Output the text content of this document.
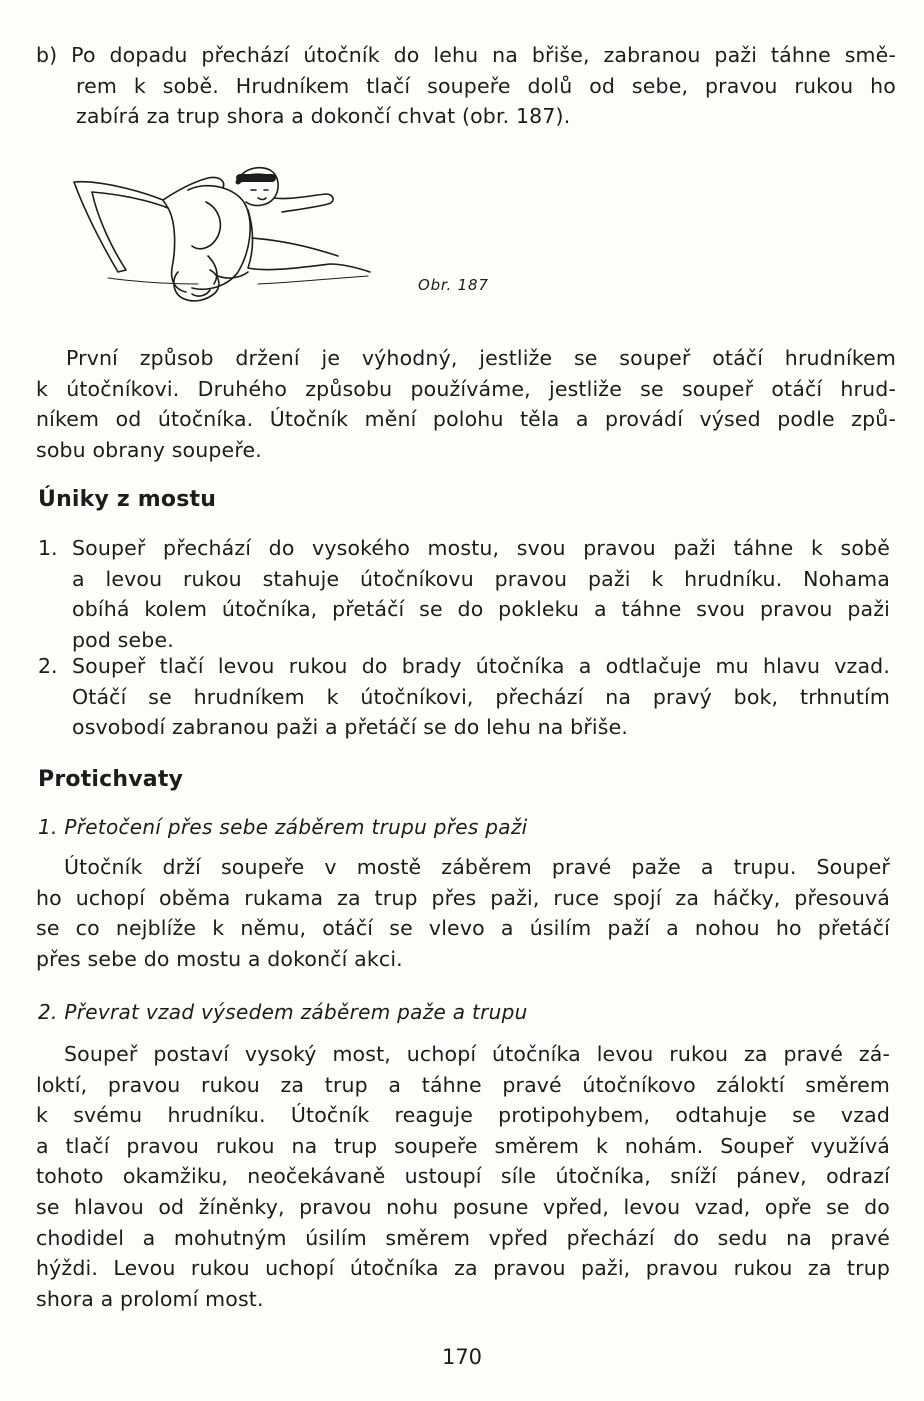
b) Po dopadu přechází útočník do lehu na břiše, zabranou paži táhne smě-
rem k sobě. Hrudníkem tlačí soupeře dolů od sebe, pravou rukou ho
zabírá za trup shora a dokončí chvat (obr. 187).
Obr. 187
První způsob držení je výhodný, jestliže se soupeř otáčí hrudníkem
k útočníkovi. Druhého způsobu používáme, jestliže se soupeř otáčí hrud-
níkem od útočníka. Útočník mění polohu těla a provádí výsed podle způ-
sobu obrany soupeře.
Úniky z mostu
1. Soupeř přechází do vysokého mostu, svou pravou paži táhne k sobě
a levou rukou stahuje útočníkovu pravou paži k hrudníku. Nohama
obíhá kolem útočníka, přetáčí se do pokleku a táhne svou pravou paži
pod sebe.
2. Soupeř tlačí levou rukou do brady útočníka a odtlačuje mu hlavu vzad.
Otáčí se hrudníkem k útočníkovi, přechází na pravý bok, trhnutím
osvobodí zabranou paži a přetáčí se do lehu na břiše.
Protichvaty
1. Přetočení přes sebe záběrem trupu přes paži
Útočník drží soupeře v mostě záběrem pravé paže a trupu. Soupeř
ho uchopí oběma rukama za trup přes paži, ruce spojí za háčky, přesouvá
se co nejblíže k němu, otáčí se vlevo a úsilím paží a nohou ho přetáčí
přes sebe do mostu a dokončí akci.
2. Převrat vzad výsedem záběrem paže a trupu
Soupeř postaví vysoký most, uchopí útočníka levou rukou za pravé zá-
loktí, pravou rukou za trup a táhne pravé útočníkovo záloktí směrem
k svému hrudníku. Útočník reaguje protipohybem, odtahuje se vzad
a tlačí pravou rukou na trup soupeře směrem k nohám. Soupeř využívá
tohoto okamžiku, neočekávaně ustoupí síle útočníka, sníží pánev, odrazí
se hlavou od žíněnky, pravou nohu posune vpřed, levou vzad, opře se do
chodidel a mohutným úsilím směrem vpřed přechází do sedu na pravé
hýždi. Levou rukou uchopí útočníka za pravou paži, pravou rukou za trup
shora a prolomí most.
170
